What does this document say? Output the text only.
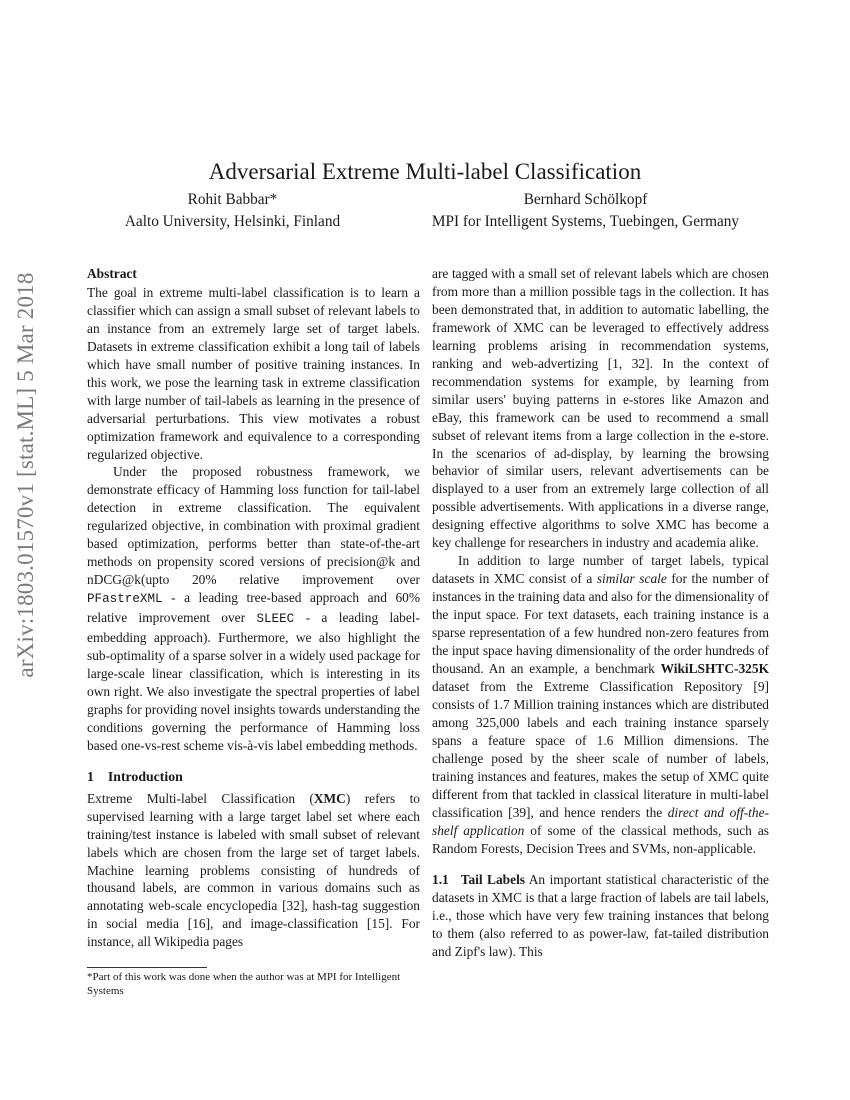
arXiv:1803.01570v1 [stat.ML] 5 Mar 2018
Adversarial Extreme Multi-label Classification
Rohit Babbar*
Aalto University, Helsinki, Finland
Bernhard Schölkopf
MPI for Intelligent Systems, Tuebingen, Germany
Abstract

The goal in extreme multi-label classification is to learn a classifier which can assign a small subset of relevant labels to an instance from an extremely large set of target labels. Datasets in extreme classification exhibit a long tail of labels which have small number of positive training instances. In this work, we pose the learning task in extreme classification with large number of tail-labels as learning in the presence of adversarial perturbations. This view motivates a robust optimization framework and equivalence to a corresponding regularized objective.

Under the proposed robustness framework, we demonstrate efficacy of Hamming loss function for tail-label detection in extreme classification. The equivalent regularized objective, in combination with proximal gradient based optimization, performs better than state-of-the-art methods on propensity scored versions of precision@k and nDCG@k(upto 20% relative improvement over PFastreXML - a leading tree-based approach and 60% relative improvement over SLEEC - a leading label-embedding approach). Furthermore, we also highlight the sub-optimality of a sparse solver in a widely used package for large-scale linear classification, which is interesting in its own right. We also investigate the spectral properties of label graphs for providing novel insights towards understanding the conditions governing the performance of Hamming loss based one-vs-rest scheme vis-à-vis label embedding methods.

1 Introduction

Extreme Multi-label Classification (XMC) refers to supervised learning with a large target label set where each training/test instance is labeled with small subset of relevant labels which are chosen from the large set of target labels. Machine learning problems consisting of hundreds of thousand labels, are common in various domains such as annotating web-scale encyclopedia [32], hash-tag suggestion in social media [16], and image-classification [15]. For instance, all Wikipedia pages

*Part of this work was done when the author was at MPI for Intelligent Systems

are tagged with a small set of relevant labels which are chosen from more than a million possible tags in the collection. It has been demonstrated that, in addition to automatic labelling, the framework of XMC can be leveraged to effectively address learning problems arising in recommendation systems, ranking and web-advertizing [1, 32]. In the context of recommendation systems for example, by learning from similar users' buying patterns in e-stores like Amazon and eBay, this framework can be used to recommend a small subset of relevant items from a large collection in the e-store. In the scenarios of ad-display, by learning the browsing behavior of similar users, relevant advertisements can be displayed to a user from an extremely large collection of all possible advertisements. With applications in a diverse range, designing effective algorithms to solve XMC has become a key challenge for researchers in industry and academia alike.

In addition to large number of target labels, typical datasets in XMC consist of a similar scale for the number of instances in the training data and also for the dimensionality of the input space. For text datasets, each training instance is a sparse representation of a few hundred non-zero features from the input space having dimensionality of the order hundreds of thousand. An an example, a benchmark WikiLSHTC-325K dataset from the Extreme Classification Repository [9] consists of 1.7 Million training instances which are distributed among 325,000 labels and each training instance sparsely spans a feature space of 1.6 Million dimensions. The challenge posed by the sheer scale of number of labels, training instances and features, makes the setup of XMC quite different from that tackled in classical literature in multi-label classification [39], and hence renders the direct and off-the-shelf application of some of the classical methods, such as Random Forests, Decision Trees and SVMs, non-applicable.

1.1 Tail Labels An important statistical characteristic of the datasets in XMC is that a large fraction of labels are tail labels, i.e., those which have very few training instances that belong to them (also referred to as power-law, fat-tailed distribution and Zipf's law). This
